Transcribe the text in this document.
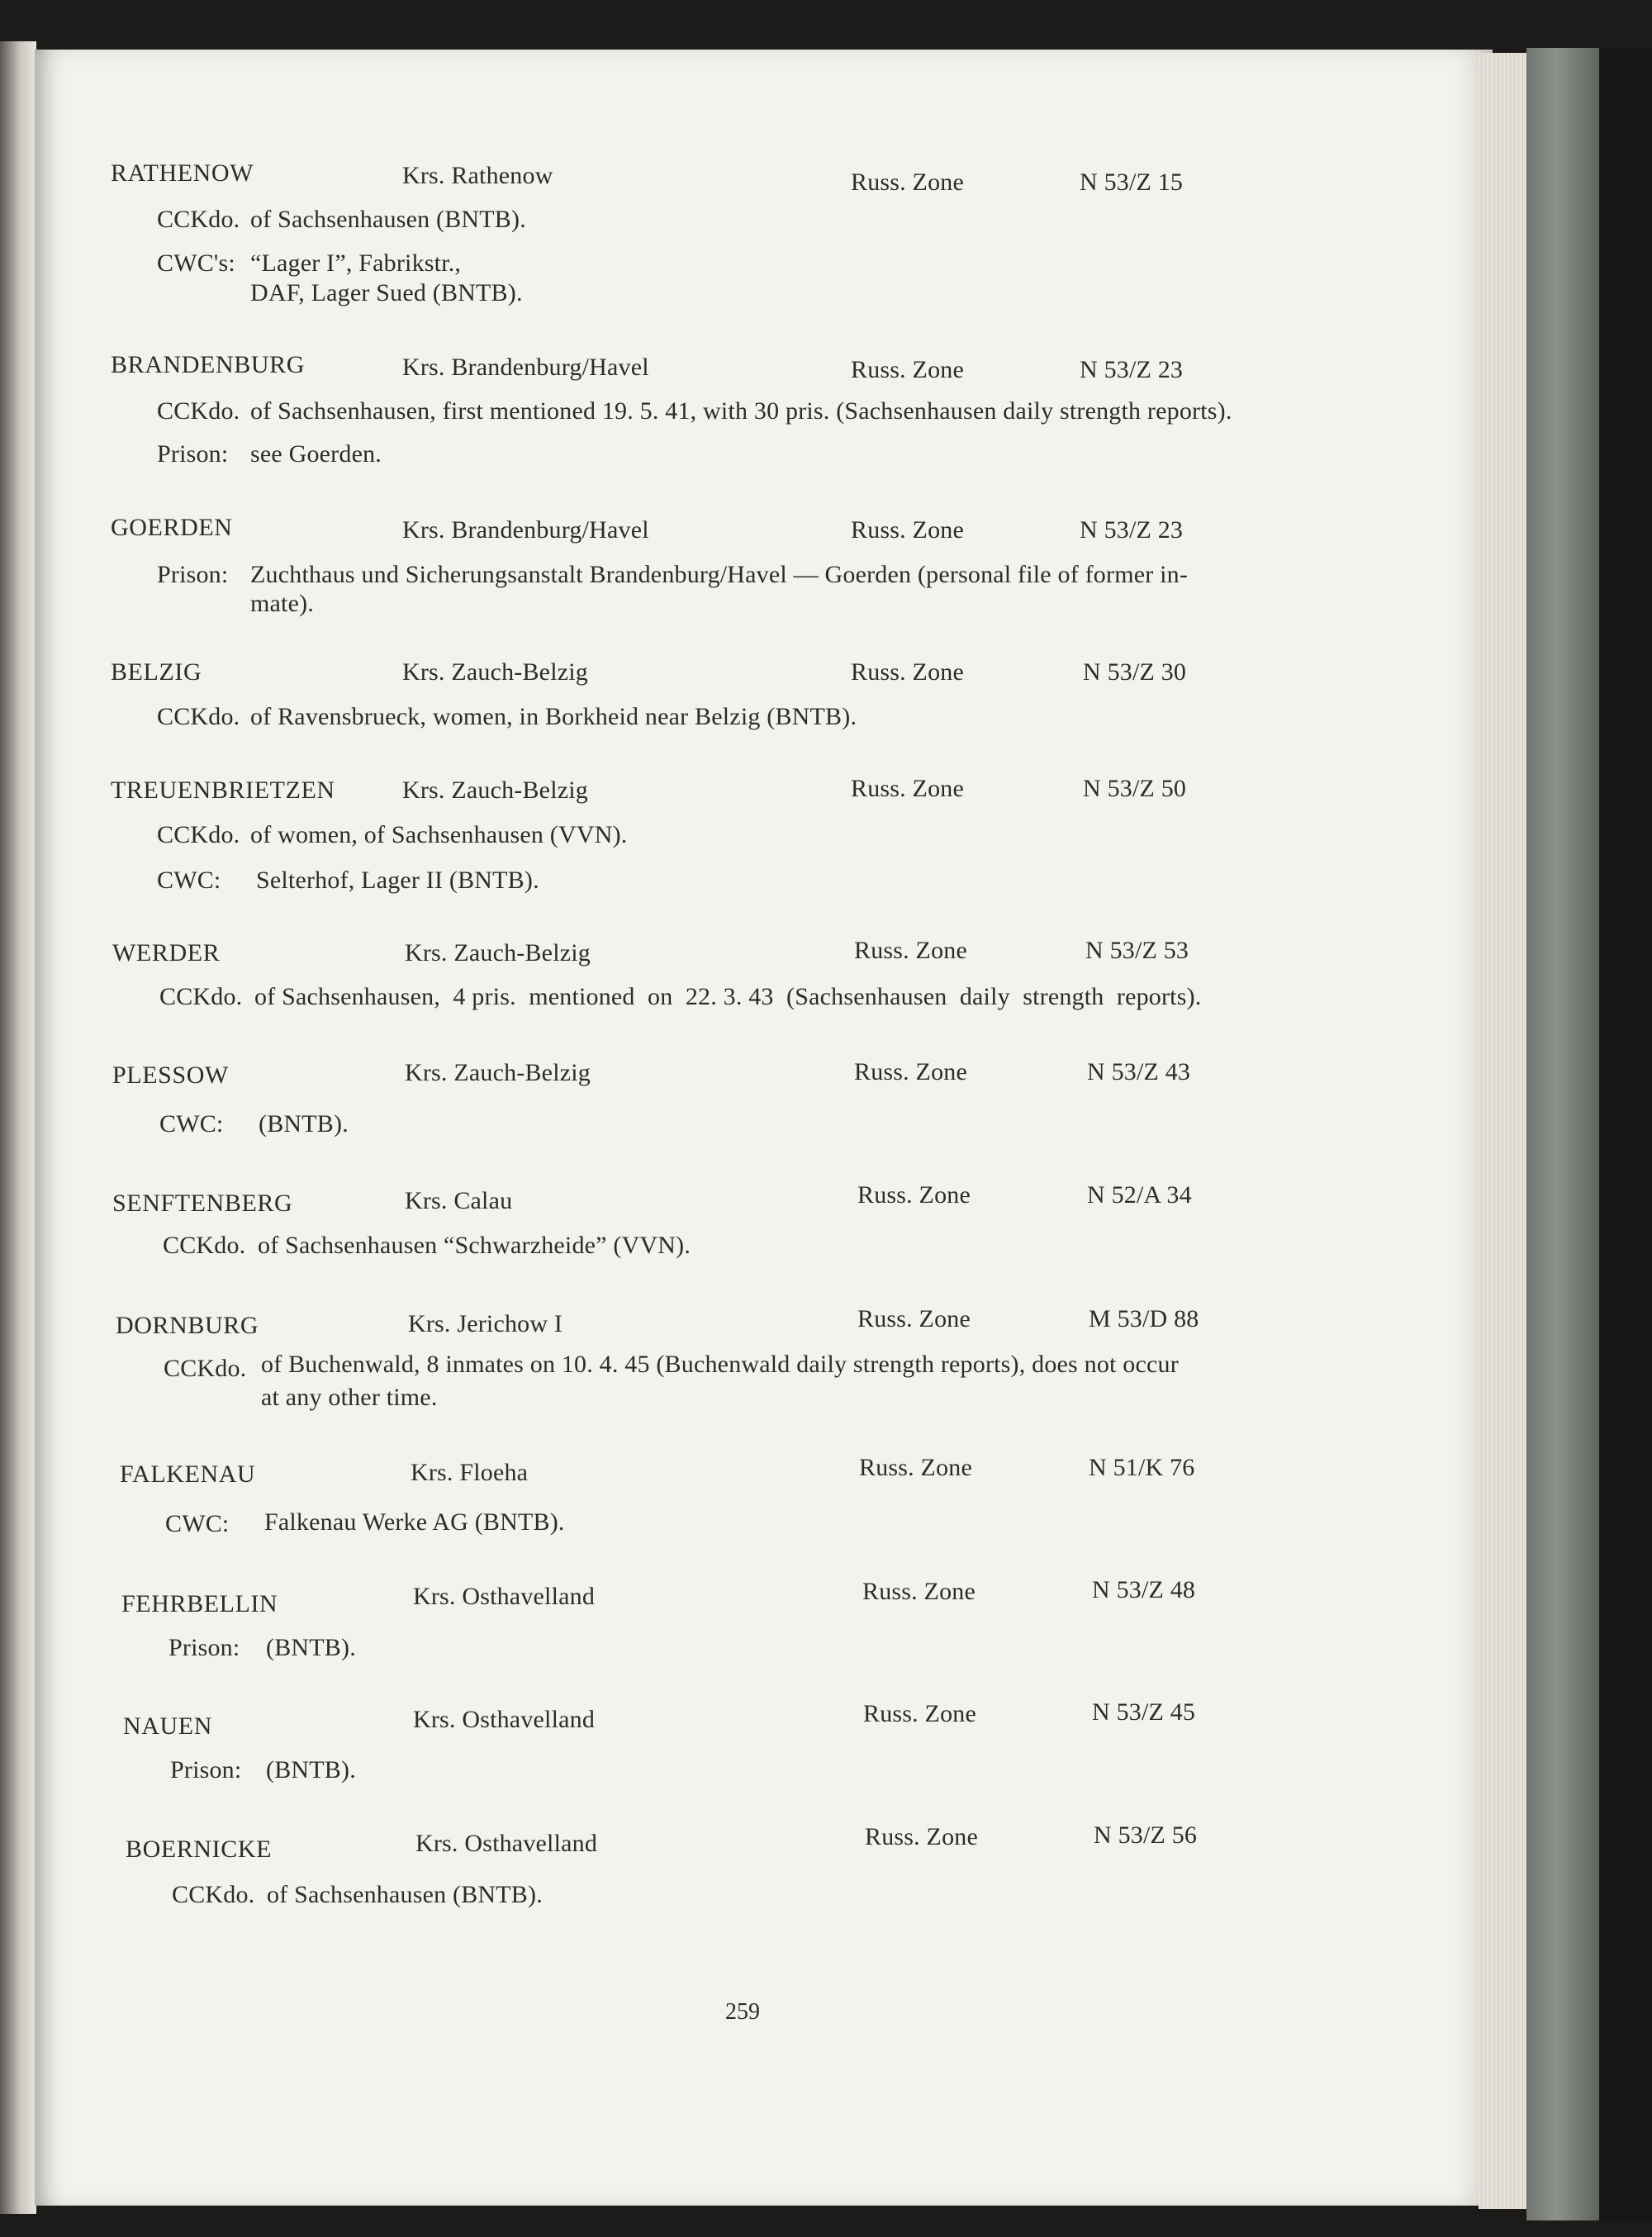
RATHENOW	Krs. Rathenow	Russ. Zone	N 53/Z 15
CCKdo. of Sachsenhausen (BNTB).
CWC's: “Lager I”, Fabrikstr.,
DAF, Lager Sued (BNTB).
BRANDENBURG	Krs. Brandenburg/Havel	Russ. Zone	N 53/Z 23
CCKdo. of Sachsenhausen, first mentioned 19. 5. 41, with 30 pris. (Sachsenhausen daily strength reports).
Prison: see Goerden.
GOERDEN	Krs. Brandenburg/Havel	Russ. Zone	N 53/Z 23
Prison: Zuchthaus und Sicherungsanstalt Brandenburg/Havel — Goerden (personal file of former in-
mate).
BELZIG	Krs. Zauch-Belzig	Russ. Zone	N 53/Z 30
CCKdo. of Ravensbrueck, women, in Borkheid near Belzig (BNTB).
TREUENBRIETZEN	Krs. Zauch-Belzig	Russ. Zone	N 53/Z 50
CCKdo. of women, of Sachsenhausen (VVN).
CWC: Selterhof, Lager II (BNTB).
WERDER	Krs. Zauch-Belzig	Russ. Zone	N 53/Z 53
CCKdo. of Sachsenhausen,  4 pris.  mentioned  on  22. 3. 43  (Sachsenhausen  daily  strength  reports).
PLESSOW	Krs. Zauch-Belzig	Russ. Zone	N 53/Z 43
CWC: (BNTB).
SENFTENBERG	Krs. Calau	Russ. Zone	N 52/A 34
CCKdo. of Sachsenhausen “Schwarzheide” (VVN).
DORNBURG	Krs. Jerichow I	Russ. Zone	M 53/D 88
CCKdo. of Buchenwald, 8 inmates on 10. 4. 45 (Buchenwald daily strength reports), does not occur
at any other time.
FALKENAU	Krs. Floeha	Russ. Zone	N 51/K 76
CWC: Falkenau Werke AG (BNTB).
FEHRBELLIN	Krs. Osthavelland	Russ. Zone	N 53/Z 48
Prison: (BNTB).
NAUEN	Krs. Osthavelland	Russ. Zone	N 53/Z 45
Prison: (BNTB).
BOERNICKE	Krs. Osthavelland	Russ. Zone	N 53/Z 56
CCKdo. of Sachsenhausen (BNTB).
259
